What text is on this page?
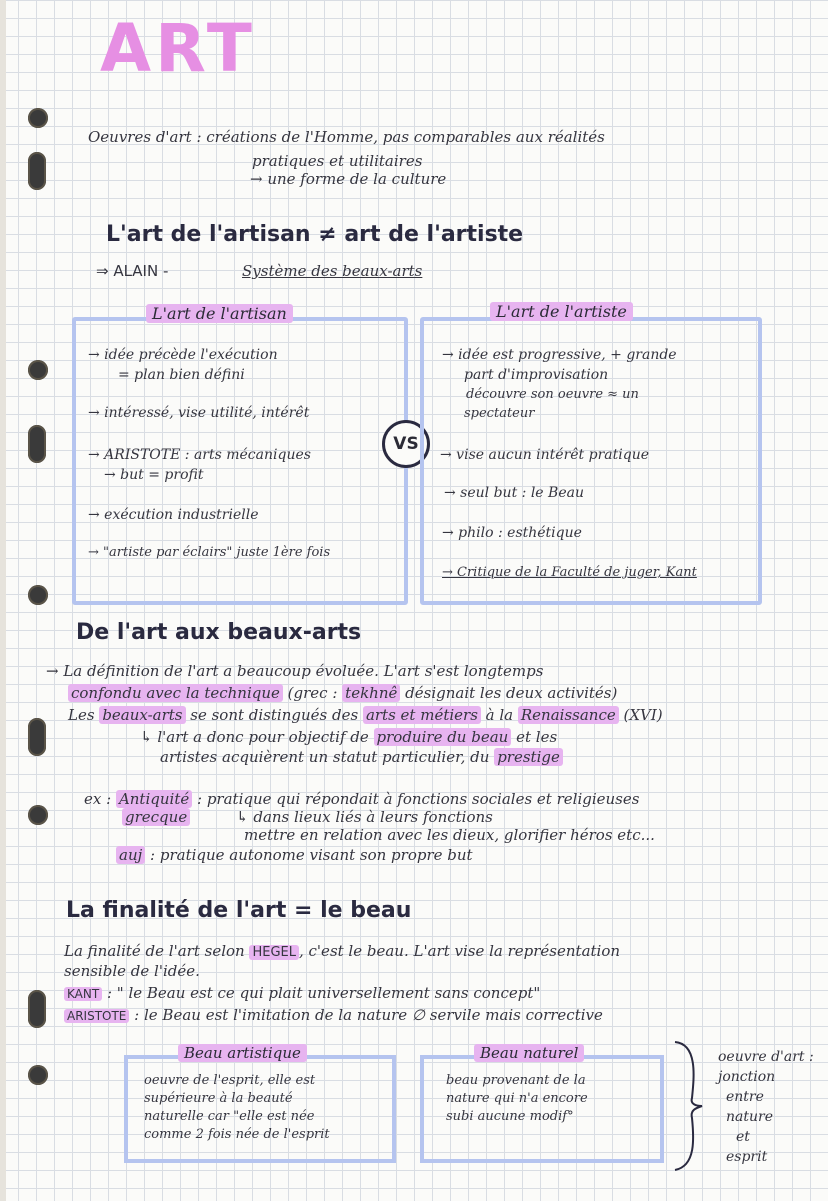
ART
Oeuvres d'art : créations de l'Homme, pas comparables aux réalités
pratiques et utilitaires
→ une forme de la culture
L'art de l'artisan ≠ art de l'artiste
⇒ ALAIN -	Système des beaux-arts
L'art de l'artisan
→ idée précède l'exécution
= plan bien défini
→ intéressé, vise utilité, intérêt
→ ARISTOTE : arts mécaniques
→ but = profit
→ exécution industrielle
→ "artiste par éclairs" juste 1ère fois
VS
L'art de l'artiste
→ idée est progressive, + grande
part d'improvisation
découvre son oeuvre ≈ un
spectateur
→ vise aucun intérêt pratique
→ seul but : le Beau
→ philo : esthétique
→ Critique de la Faculté de juger, Kant
De l'art aux beaux-arts
→ La définition de l'art a beaucoup évoluée. L'art s'est longtemps
confondu avec la technique (grec : tekhnê désignait les deux activités)
Les beaux-arts se sont distingués des arts et métiers à la Renaissance (XVI)
↳ l'art a donc pour objectif de produire du beau et les
artistes acquièrent un statut particulier, du prestige
ex : Antiquité : pratique qui répondait à fonctions sociales et religieuses
grecque	↳ dans lieux liés à leurs fonctions
mettre en relation avec les dieux, glorifier héros etc...
auj : pratique autonome visant son propre but
La finalité de l'art = le beau
La finalité de l'art selon HEGEL , c'est le beau. L'art vise la représentation
sensible de l'idée.
KANT : " le Beau est ce qui plait universellement sans concept"
ARISTOTE : le Beau est l'imitation de la nature ∅ servile mais corrective
Beau artistique
oeuvre de l'esprit, elle est
supérieure à la beauté
naturelle car "elle est née
comme 2 fois née de l'esprit
Beau naturel
beau provenant de la
nature qui n'a encore
subi aucune modif°
oeuvre d'art :
jonction
entre
nature
et
esprit
